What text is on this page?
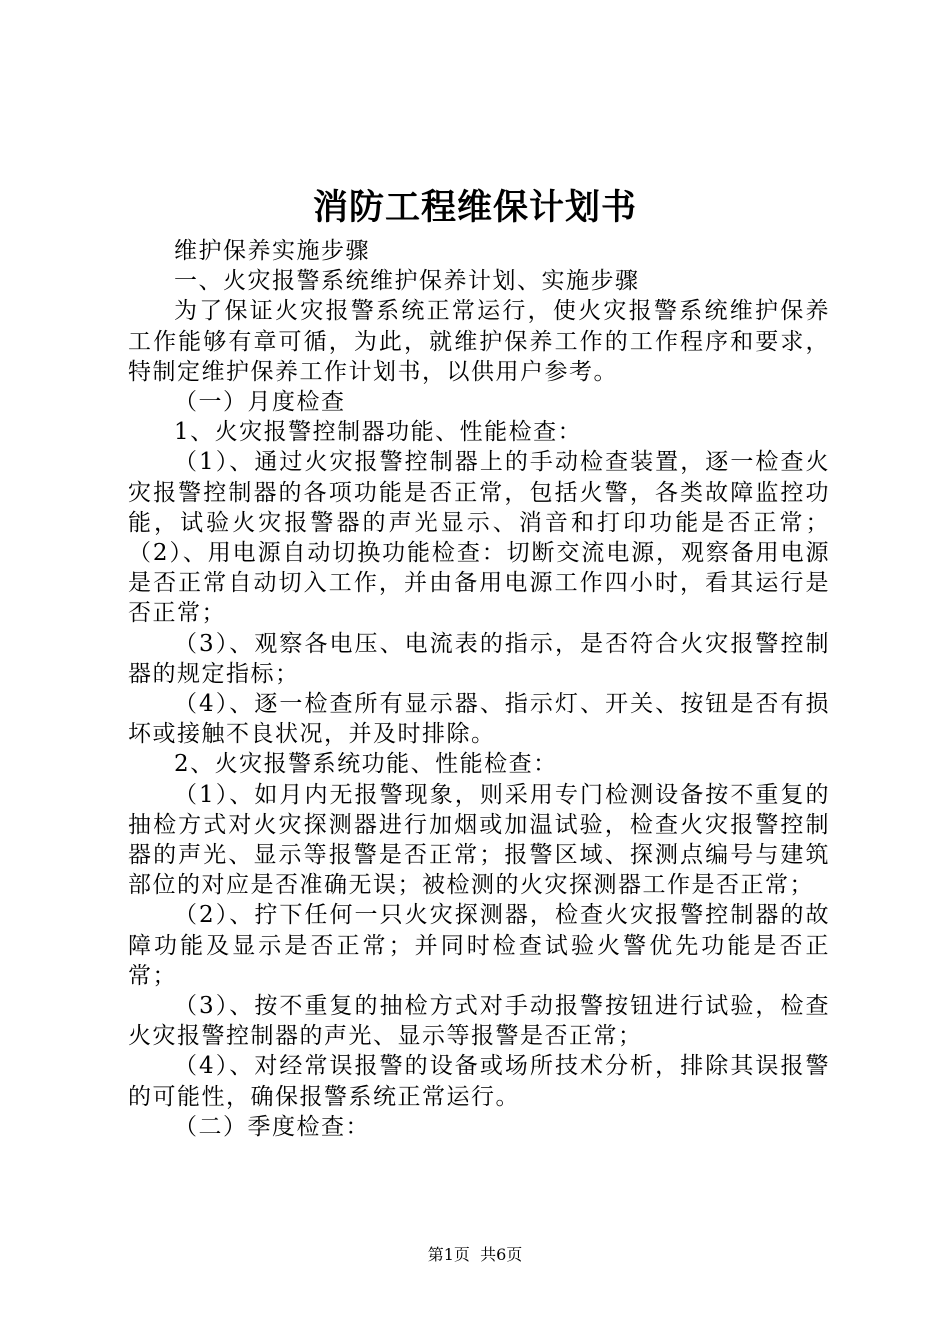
消防工程维保计划书

维护保养实施步骤

一、火灾报警系统维护保养计划、实施步骤

为了保证火灾报警系统正常运行，使火灾报警系统维护保养工作能够有章可循，为此，就维护保养工作的工作程序和要求，特制定维护保养工作计划书，以供用户参考。

（一）月度检查

1、火灾报警控制器功能、性能检查：

（1）、通过火灾报警控制器上的手动检查装置，逐一检查火灾报警控制器的各项功能是否正常，包括火警，各类故障监控功能，试验火灾报警器的声光显示、消音和打印功能是否正常；（2）、用电源自动切换功能检查：切断交流电源，观察备用电源是否正常自动切入工作，并由备用电源工作四小时，看其运行是否正常；

（3）、观察各电压、电流表的指示，是否符合火灾报警控制器的规定指标；

（4）、逐一检查所有显示器、指示灯、开关、按钮是否有损坏或接触不良状况，并及时排除。

2、火灾报警系统功能、性能检查：

（1）、如月内无报警现象，则采用专门检测设备按不重复的抽检方式对火灾探测器进行加烟或加温试验，检查火灾报警控制器的声光、显示等报警是否正常；报警区域、探测点编号与建筑部位的对应是否准确无误；被检测的火灾探测器工作是否正常；

（2）、拧下任何一只火灾探测器，检查火灾报警控制器的故障功能及显示是否正常；并同时检查试验火警优先功能是否正常；

（3）、按不重复的抽检方式对手动报警按钮进行试验，检查火灾报警控制器的声光、显示等报警是否正常；

（4）、对经常误报警的设备或场所技术分析，排除其误报警的可能性，确保报警系统正常运行。

（二）季度检查：

第1页 共6页
